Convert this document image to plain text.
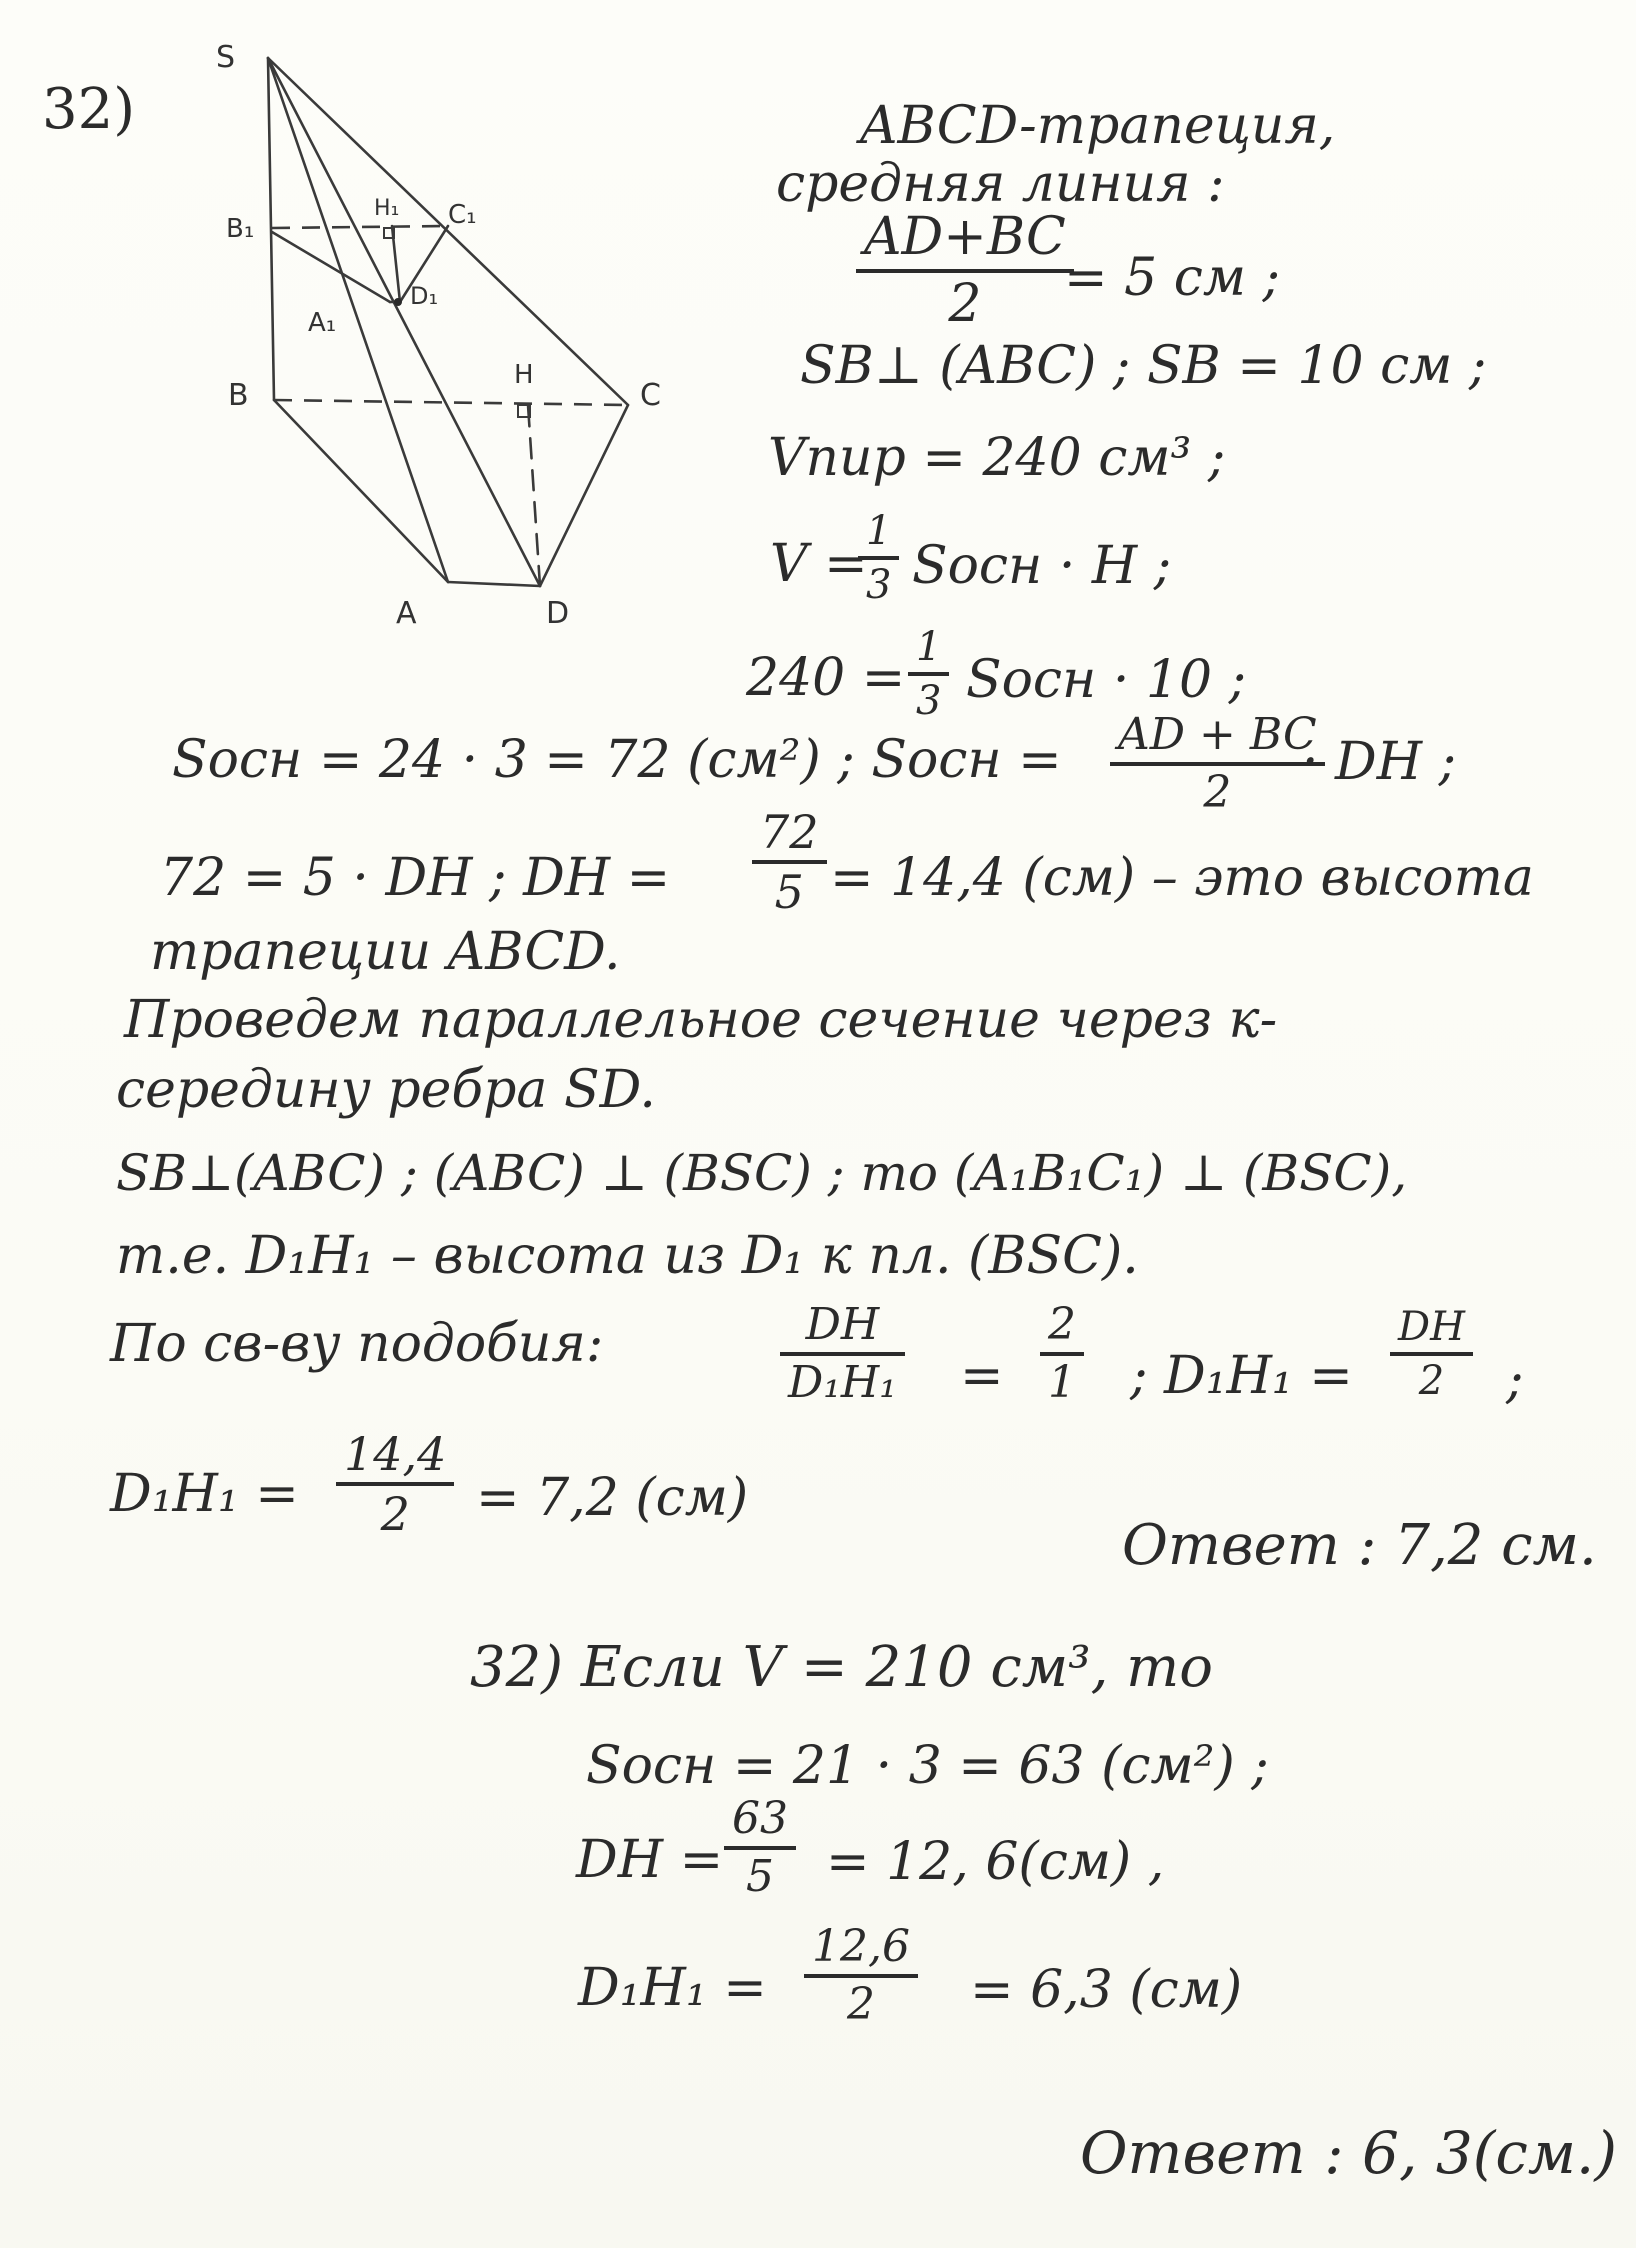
32)
S
B₁
H₁ C₁
D₁
A₁
B
H
C
A	D
ABCD-трапеция,
средняя линия :
AD+BC
2 = 5 см ;
SB⊥ (ABC) ; SB = 10 см ;
Vпир = 240 см³ ;
V =
1
3 Sосн · H ;
240 =
1
3 Sосн · 10 ;
Sосн = 24 · 3 = 72 (см²) ; Sосн = AD + BC
2
· DH ;
72 = 5 · DH ; DH =
72
5 = 14,4 (см) – это высота
трапеции ABCD.
Проведем параллельное сечение через к-
середину ребра SD.
SB⊥(ABC) ; (ABC) ⊥ (BSC) ; то (A₁B₁C₁) ⊥ (BSC),
т.е. D₁H₁ – высота из D₁ к пл. (BSC).
По св-ву подобия:	DH
D₁H₁ =
2
1 ; D₁H₁ =
DH
2 ;
D₁H₁ =
14,4
2 = 7,2 (см)
Ответ : 7,2 см.
32) Если V = 210 см³, то
Sосн = 21 · 3 = 63 (см²) ;
DH =
63
5 = 12, 6(см) ,
D₁H₁ =
12,6
2 = 6,3 (см)
Ответ : 6, 3(см.)
